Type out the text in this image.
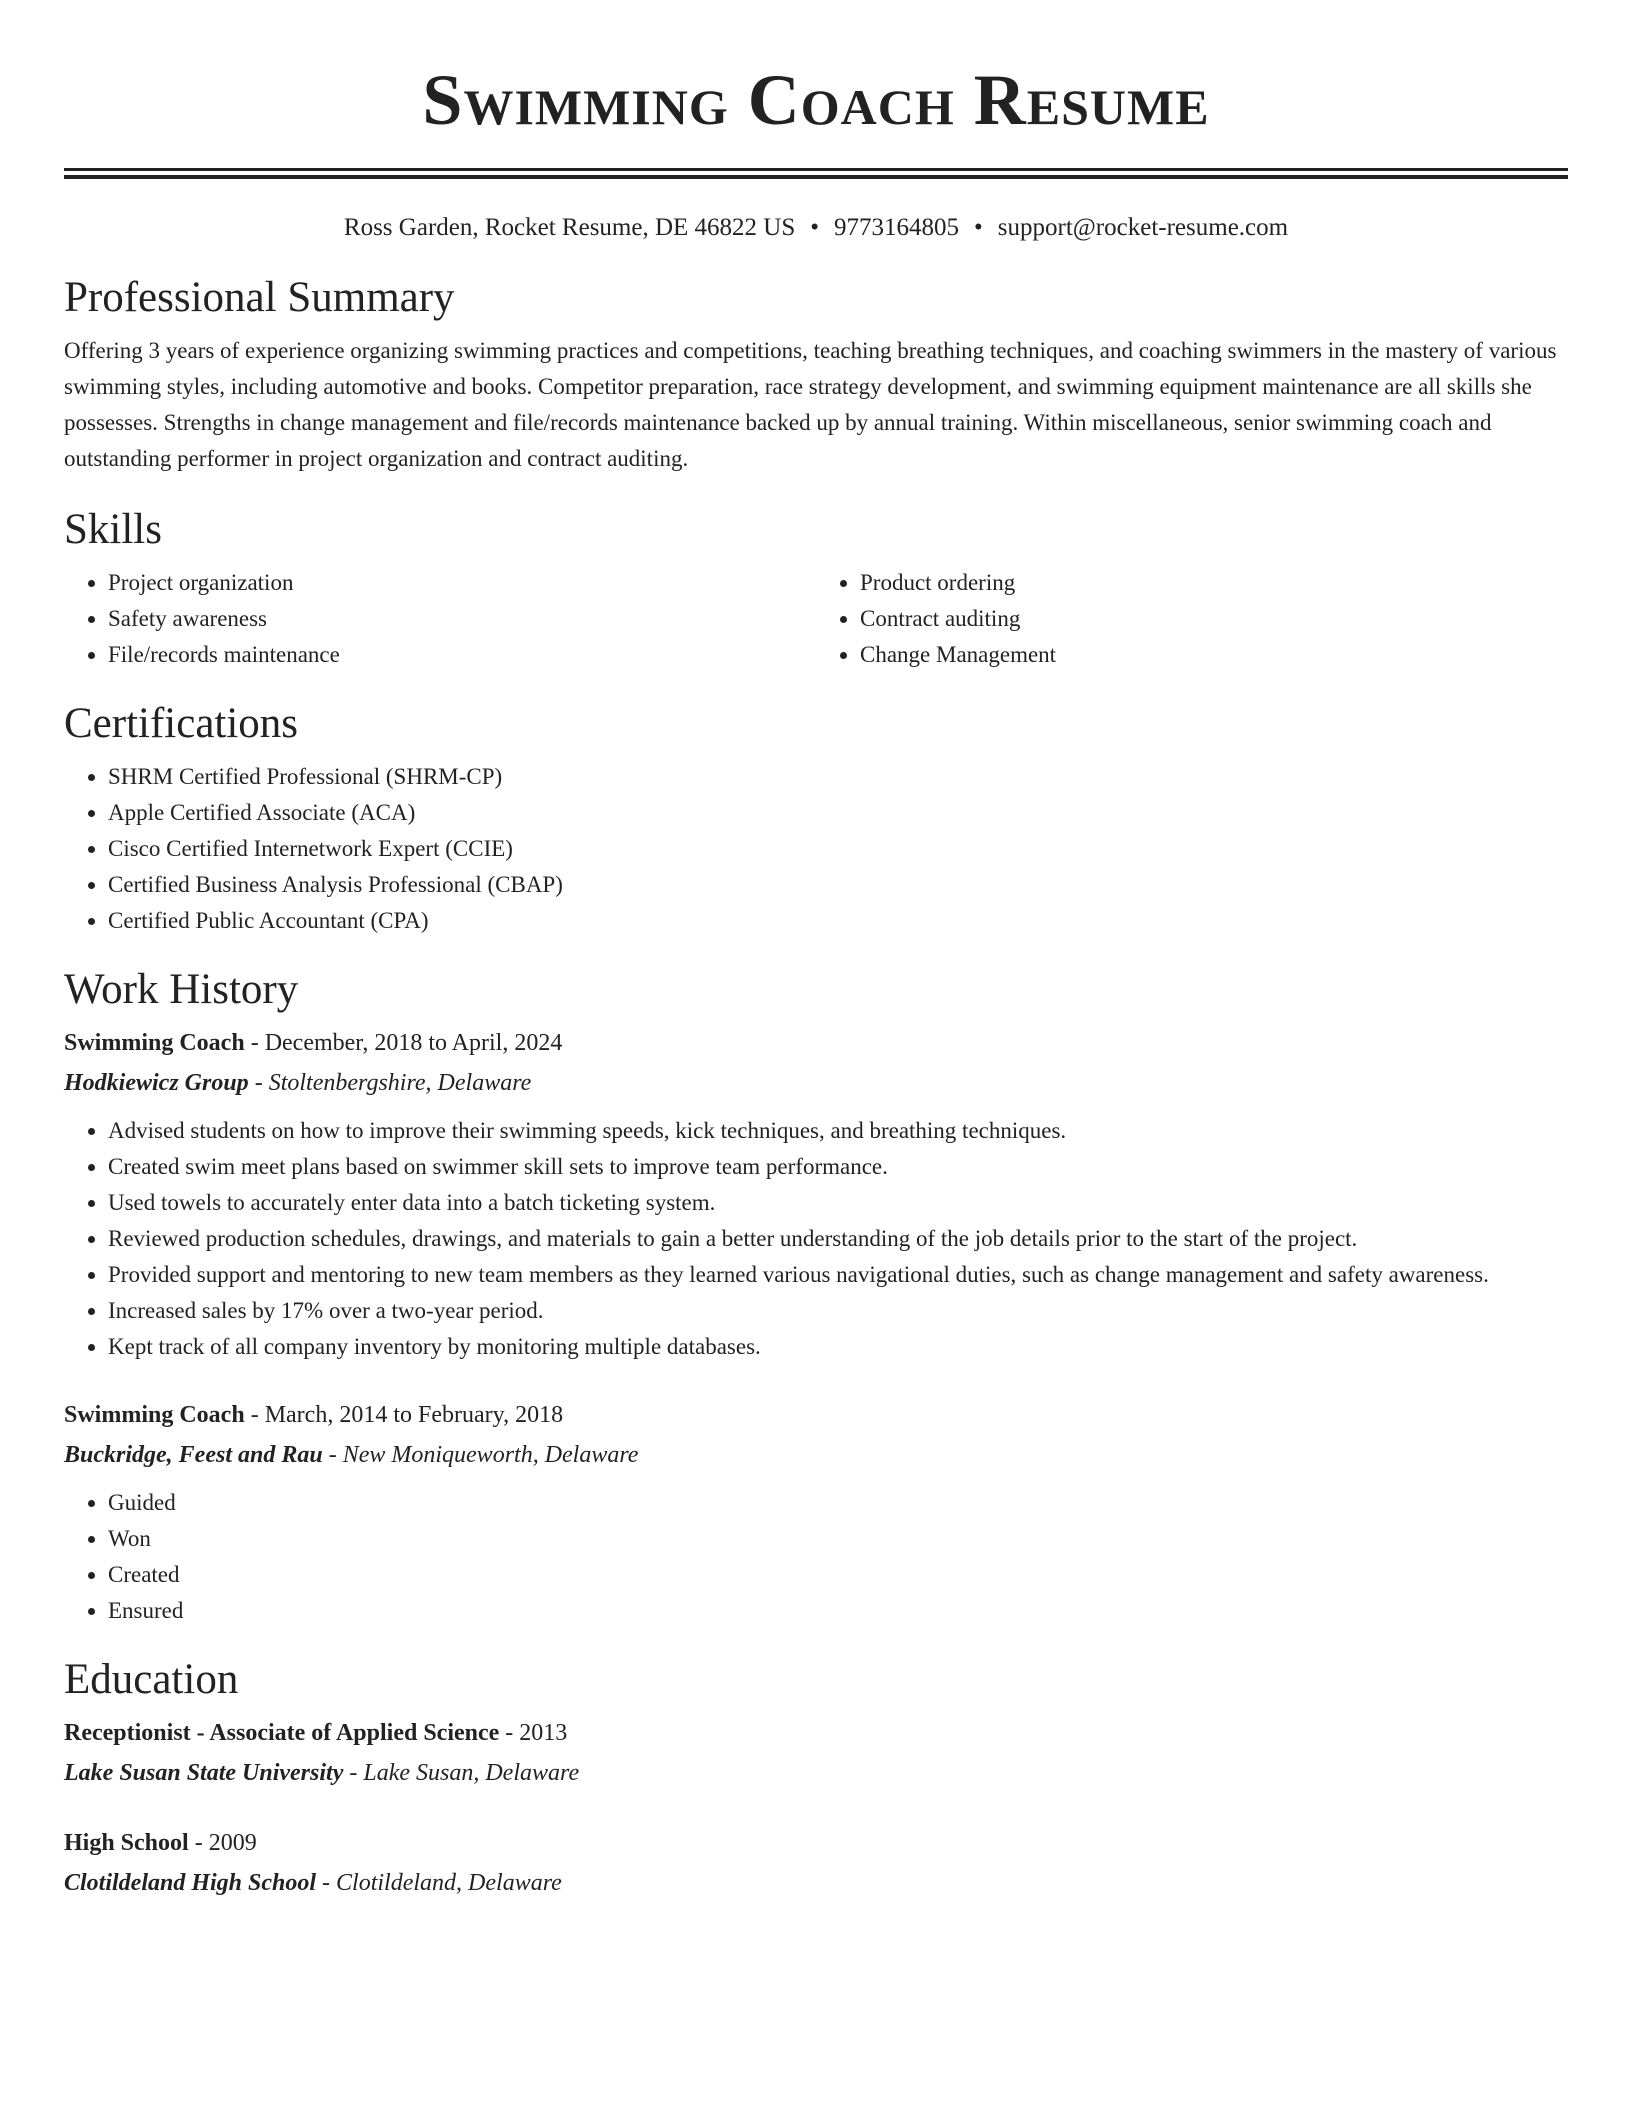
Swimming Coach Resume
Ross Garden, Rocket Resume, DE 46822 US • 9773164805 • support@rocket-resume.com
Professional Summary

Offering 3 years of experience organizing swimming practices and competitions, teaching breathing techniques, and coaching swimmers in the mastery of various swimming styles, including automotive and books. Competitor preparation, race strategy development, and swimming equipment maintenance are all skills she possesses. Strengths in change management and file/records maintenance backed up by annual training. Within miscellaneous, senior swimming coach and outstanding performer in project organization and contract auditing.

Skills
• Project organization
• Safety awareness
• File/records maintenance
• Product ordering
• Contract auditing
• Change Management
Certifications
• SHRM Certified Professional (SHRM-CP)
• Apple Certified Associate (ACA)
• Cisco Certified Internetwork Expert (CCIE)
• Certified Business Analysis Professional (CBAP)
• Certified Public Accountant (CPA)
Work History
Swimming Coach - December, 2018 to April, 2024
Hodkiewicz Group - Stoltenbergshire, Delaware
• Advised students on how to improve their swimming speeds, kick techniques, and breathing techniques.
• Created swim meet plans based on swimmer skill sets to improve team performance.
• Used towels to accurately enter data into a batch ticketing system.
• Reviewed production schedules, drawings, and materials to gain a better understanding of the job details prior to the start of the project.
• Provided support and mentoring to new team members as they learned various navigational duties, such as change management and safety awareness.
• Increased sales by 17% over a two-year period.
• Kept track of all company inventory by monitoring multiple databases.
Swimming Coach - March, 2014 to February, 2018
Buckridge, Feest and Rau - New Moniqueworth, Delaware
• Guided
• Won
• Created
• Ensured
Education
Receptionist - Associate of Applied Science - 2013
Lake Susan State University - Lake Susan, Delaware
High School - 2009
Clotildeland High School - Clotildeland, Delaware
